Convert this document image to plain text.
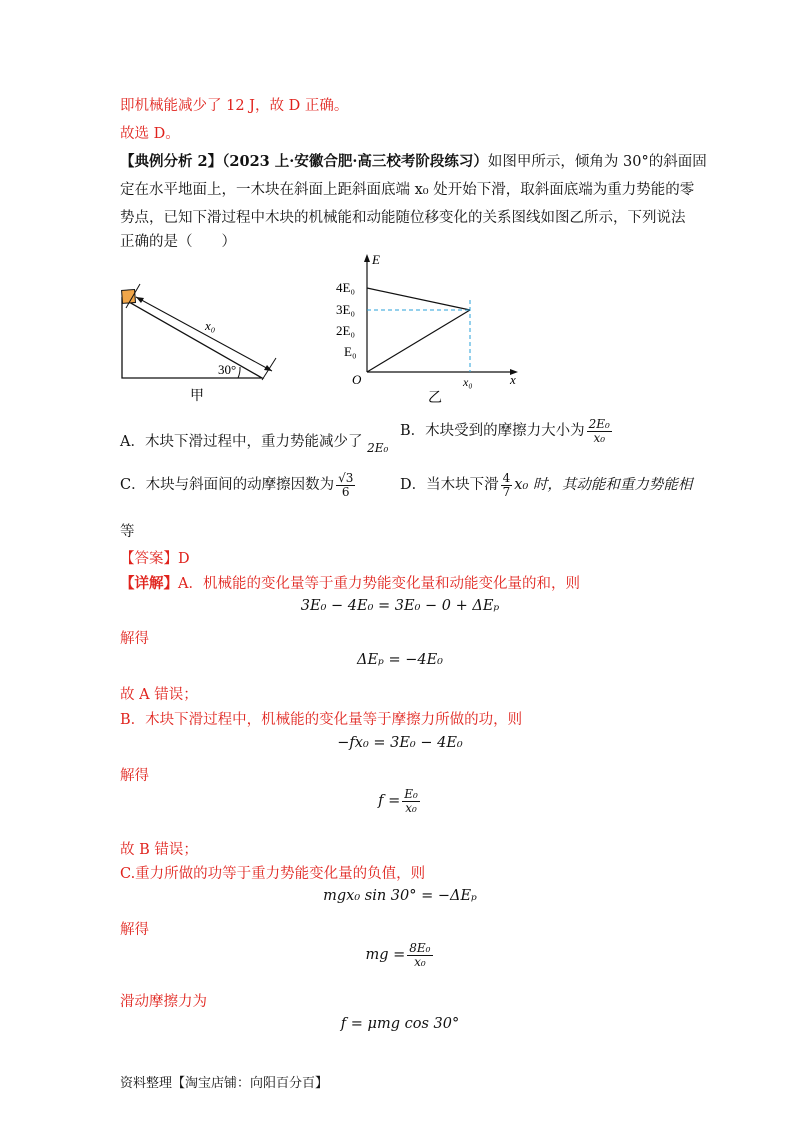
即机械能减少了 12 J，故 D 正确。
故选 D。
【典例分析 2】（2023 上·安徽合肥·高三校考阶段练习）如图甲所示，倾角为 30°的斜面固
定在水平地面上，一木块在斜面上距斜面底端 x₀ 处开始下滑，取斜面底端为重力势能的零
势点，已知下滑过程中木块的机械能和动能随位移变化的关系图线如图乙所示，下列说法
正确的是（　　）
x₀
30°
甲
E
x
O	x₀
4E₀
3E₀
2E₀
E₀
乙
A．木块下滑过程中，重力势能减少了 $_{2E_0}$
B．木块受到的摩擦力大小为 $\frac{\text{2E₀}}{\text{x₀}}$
C．木块与斜面间的动摩擦因数为 $\frac{√3}{6}$	D．当木块下滑 $\frac{4}{7} x_0$ 时，其动能和重力势能相
等
【答案】D
【详解】A．机械能的变化量等于重力势能变化量和动能变化量的和，则
3E₀ − 4E₀ = 3E₀ − 0 + ΔEₚ
解得
ΔEₚ = −4E₀
故 A 错误；
B．木块下滑过程中，机械能的变化量等于摩擦力所做的功，则
−fx₀ = 3E₀ − 4E₀
解得
$f = \frac{\text{E₀}}{\text{x₀}}$
故 B 错误；
C.重力所做的功等于重力势能变化量的负值，则
mgx₀ sin 30° = −ΔEₚ
解得
mg = $\frac{\text{8E₀}}{\text{x₀}}$
滑动摩擦力为
f = μmg cos 30°
资料整理【淘宝店铺：向阳百分百】
